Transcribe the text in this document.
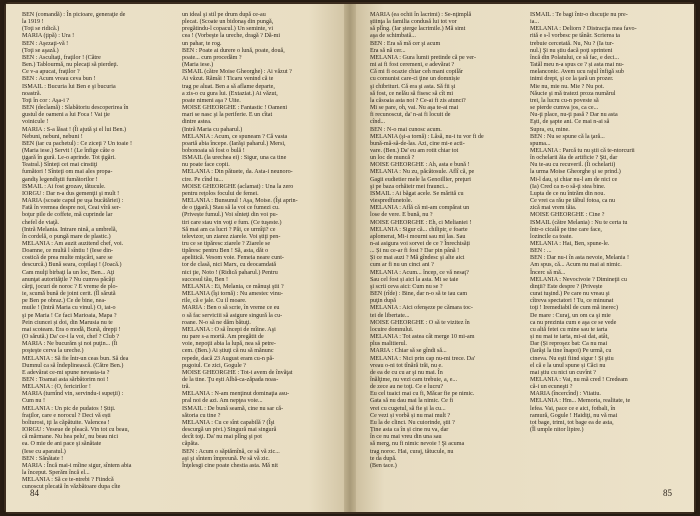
BEN (comandă) : În picioare, generaţie de
la 1919 !
(Toţi se ridică.)
MARIA (ţipă) : Ura !
BEN : Aşezaţi-vă !
(Toţi se aşază.)
BEN : Ascultaţi, fraţilor ! (Către
Ben.) Tablourmă, nu plecaţi să pierdeţi.
Ce v-a apucat, fraţilor ?
BEN : Acum vreau ceva bun !
ISMAIL : Bucuria lui Ben e şi bucuria
noastră.
Toţi în cor : Aşa-i ?
BEN (declamă) : Slabătoriu descoperirea în
gustul de oameni a lui Foca ! Vai ţie
voinicule !
MARIA : S-a lăsat ! (Îi ajută şi el lui Ben.)
Nebuni, nebuni, nebuni !
BEN (iar cu pachetul) : Ce ziceţi ? Un toaie !
(Maria iese.) Servit ! (Le înfige câte o
ţigară în gură. Le-o aprinde. Tot ţigări.
Teatral.) Sînteţi cei mai cinstiţi
fumători ! Sînteţi om mai ales propa-
gandiş legendiştii fumătorilor !
ISMAIL : Ai fost grozav, tătucule.
IORGU : Dar n-a dus gemenţii şi mult !
MARIA (scoate capul pe uşa bucătăriei) :
Fată în vremea despre noi, Ceai vîră ser-
boţur pile de coffete, mă cuprinde lar
chefel de viaţă.
(Intră Melania. Intrare nină, a umbrelă,
în cordelă, o pungă mare de plastic.)
MELANIA : Am auzit auzitend chef, voi.
Doamne, ce multă l sîntiu ! (Iese din-
costică de prea multe mişcări, sare se
descurcă.) Bună seara, copilaşi ! (Joacă.)
Cam mulţi birbaţi la un loc, Ben... Aţi
anunţat autorităţile ? Nu cumva păcăţi
cărţi, jocuri de noroc ? E vreme de plo-
ie, scumă bună de joint cerit. (Îl sărută
pe Ben pe obraz.) Ce de bine, nea-
muile ! (Intră Maria cu vinul.) O, iat-o
şi pe Maria ! Ce faci Marioaia, Mapa ?
Pein ciuncei și doi, din Marusia nu te
mai scoteam. Era o modă, Bună, drepţi !
(O sărută.) Da' ce-i la voi, chef ? Club ?
MARIA : Ne bucurăm şi noi puţin... (Îi
poşteşte cerva la ureche.)
MELANIA : Să fie într-un ceas bun. Să dea
Dumnul ca să îndeplinească. (Către Ben.)
E adevărat ce-mi spune nevasta-ta ?
BEN : Toamai asta sărbătorim noi !
MELANIA : (O, fericirilor !
MARIA (turnînd vin, servindu-i supeţii) :
Cum nu !
MELANIA : Un pic de pudatos ! Știţi.
fraţilor, care e norocul ? Deci vă ești
bolturosi, iţi la căpătuite. Valencea !
IORGU : Veseue de pleacă. Vin tot cu beau,
că mărmane. Nu hea pelu', nu beau nici
ea. O mie de ani pace şi sănătate
(Iese cu aparatul.)
BEN : Sănătate !
MARIA : Încă mai-i mîine sigur, sîntem abia
la început. Sperăm încă el...
MELANIA : Să ce te-ntrebi ? Fiindcă
cunoscut plecată în văzbătoare dupa cîte
un ideal şi stil pe drum după ce-au
plecat. (Scoate un bidonaş din pungă,
pregătindu-l copacul.) Un seminte, vi
cea ! (Vorbeşte la ureche, dragă ? Dă-mi
un pahar, te rog.
BEN : Poate ai durere o lună, poate, două,
poate... cum procedăm ?
(Maria iese.)
ISMAIL (către Moise Gheorghe) : Ai văzut ?
Ai văzut. Rămâi ! Ticaru venind că te
trag pe aluat. Ben a să aflame departe,
a zis-o cu gura lui. (Extaziat.) Ai văzut,
poate nimeni aşa ? Uite.
MOISE GHEORGHE : Fantastic ! Oameni
mari se nasc şi la periferie. E un cîtat
dintre astea.
(Intră Maria cu paharul.)
MELANIA : Acum, ce spuneam ? Că vasta
poartă abia începe. (Iarăşi paharul.) Mersi,
bobonoaia să fost o bulă !
ISMAIL (la urechea ei) : Sigur, una ca tine
nu poate face copii.
MELANIA : Din pătuete, da. Asta-i neunoro-
cire. Pe cînd tu...
MOISE GHEORGHE (aclamat) : Una la zero
pentru reţolos focului de femei.
MELANIA : Bunsunul ! Aşa, Moise. (Îşi aprin-
de o ţigară.) Stau să la voi ce fumezi cu.
(Privește fumul.) Voi sînteţi din voi pu-
tiri care stau vin voţi e fum. (Ce tuşeste.)
Să mai am ca lucri ? Păi, ce urmîţi? ce
televizor, un ziarez ziarele. Voi știţi pen-
tru ce se tipăresc ziarele ? Ziarele se
tipăresc pentru Ben ! Să, asta, dăt o
apelitică. Vesom voie. Femeia neare cunt-
tor de clasă, nici Marx, cu deocamdată
nici ţie, Noto ! (Ridică paharul.) Pentru
succesul tău, Ben !
MELANIA : Ei, Melania, ce mănuşi ştii ?
MELANIA (îşi tornă) : Nu amestec vinu-
rile, că e jale. Cu il moare.
MARIA : Ben o să scrie, în vreme ce eu
o să fac serviciii să asigure singură la cu-
roane. N-o să ne dăm bătuţi.
MELANIA : O să începi de mîine. Aşi
nu pare s-a mortă. Am pregătit de
voie, nepoţii abia la lupă, nea să petre-
cem. (Ben.) Ai știuţi că nu să mănunc
repede, dacă 23 August eram cu-n pă-
pugoiul. Ce zici, Gogule ?
MOISE GHEORGHE : Tot-i avem de învăţat
de la tine. Ţu eşti Albă-ca-zăpada noas-
tră.
MELANIA : N-am menţinut dominaţia asu-
pral noi de azi. Am nepţea voie...
ISMAIL : De bună seamă, cine nu sar că-
sătoria cu tine ?
MELANIA : Cu ce sînt capabilă ? (Îşi
descurgă un pivi.) Singură mai singură
decît toţi. Da' nu mai plîng şi pot
căpăta.
BEN : Acum o săptămînă, ce să vă zic...
aşi şi sîntem împreună. Pe să vă zic.
Înţelesgi cine poate chestia asta. Mă nit
84
MARIA (ea ochii în lacrimi) : Se-nţimplă
ştiinţa la familia condusă lui tot vor
să plîng. (Iar şterge lacrimile.) Mă simt
aşa de schimbată...
BEN : Era să mă cer şi acum
Era să nă cer...
MELANIA : Gura lumii pretinde că pe ver-
mi ai fi fost ceremeni, e adevărat ?
Că mi fi ocazie chiar ceh mani copilăr
cu comunist care-ci ţine un domnișie
şi chibrituri. Că era şi asta. Să fii şi
să fost, ce nelău să fisesc să cît mi
la căsoaia asta noi ? Ce-ai fi zis atunci?
Mi se pare, oh, vai. Nu aşa te-ai mai
fi recunoscut, da' n-ai fi locuit de
cînd...
BEN : N-o mai cunosc acum.
MELANIA (şi-a tornă) : Lăsă, nu-i tu vor fi de
bună-mă-să-de-las. Azi, cine mi-e acti-
vare. (Ben.) Da' eu am rotit chiar tot
un loc de muncă ?
MOISE GHEORGHE : Ah, asta e bună !
MELANIA : Nu zu, păcătosule. Aflî că, pe
Gagii eudietier mele la Genoillier, preţuri
şi pe baza orhăieir mei fraunci...
ISMAIL : Ai băgat acele. Se mărită cu
viespredfunetole.
MELANIA : Află că mi-am compărat un
lose de vere. E bună, nu ?
MOISE GHEORGHE : Eh, ci Melianiei !
MELANIA : Sigur că... chilipir, e foarte
aplomerat, Mi-i mournt sau mi las. Sau
n-ai asigura voi sorvei de ce ? Înrechisăți
... Și nu ce-ar fi fost ? Dar pin până !
Și ce mai auzi ? Mă gîndesc şi alte aici
cum ar fi nu un cinci ani ?
MELANIA : Acum... încep, ce vă nesaţ?
Sau cel fost și aici la asta. Mi se taie
şi scrii ceva aici: Cum nu se ?
BEN (rîde) : Bine, dar n-o să te iau cam
puţin după
MELANIA : Aici ofenşeze pe cămara toc-
tei de libertate...
MOISE GHEORGHE : O să te vizitez în
locuire domnului.
MELANIA : Tot astea cât merge 10 mi-am
plus malitierul.
MARIA : Chiar să se gîndi să...
MELANIA : Nici prin cap nu-mi trece. Da'
vreau o-ni tot tînără trăi, nu e.
de ea de cu cu ar şi nu mai. În
înălţime, nu vezi cam trebuie, a, e...
de zece au ne toţi. Ce e lucru?
Eu cel tuaici mai cu fi, Măcar fie pe nimic.
Gata să nu dau mai la nimic. Ce fi
vrei cu cugetul, să fie şi la cu...
Ce vezi și vorbă și nu mai mult ?
Eu la de clinci. Nu cuiorinde, ştii ?
Ține asta ca în și cine nu va, dar
în ce nu mai vreu din una sau
să merg, nu fi nimic nevoie ! Şi acuma
trag noroc. Hai, curaj, tătucule, nu
te da după.
(Ben tace.)
ISMAIL : Te bagi într-o discuţie nu pre-
ia...
MELANIA : Deliorn ? Distracţia mea favo-
rită e s-l vorbesc pe tânăr. Scrierea ta
trebuie cercetată. Nu, Nu ? (Ia tur-
nul.) Şi nu ştiu dacă poţi sprinteni
încă din Polatului, ce să fac, e deci...
Tatăl meu n-a spus ce ? și asta mai nu-
melanconic. Avem ucu rajul înfigă sub
inimi drept, şi ce la ţară un prozer.
Mie nu, mie nu. Mie ? Nu pot.
Năucie şi mă tratezi proza numărul
trei, la lucru cu-n poveste să
se pierde cumva jos, ca ce...
Nu-ţi place, nu-ţi pasă ? Dar nu asta
Eşti, de şapte ani. Ce mai n-ai să
Supra, eu, mine.
BEN : Nu se spune că la ţară...
spuma...
MELANIA : Parcă tu nu ştii că te-ntorcurii
în ochelarii ăia de artificie ? Şti, dar
Nu te-au cu recuveril. (Îi ochelarii)
la urma Moise Gheorghe şi se prind.)
Mi-l dau, și chiar nu-l am de nici ce
(Ia) Cred ca n-o să-ţi stea bine.
Lupta de ce nu întrăm din nou.
Ce vrei ca rău pe tăbul fotoa, ca nu
zică mai vrem tăia.
MOISE GHEORGHE : Cine ?
ISMAIL (către Melania) : Nu te certa tu
într-o cicală pe tine care face,
lozincile ca toate.
MELANIA : Hai, Ben, spune-le.
BEN : ...
BEN : Dar nu-i în asta nevoie, Melania !
Am spus, că... Acum nu mai ai nimic.
Încerc să mă...
MELANIA : Nevocivoie ? Dimineţii cu
dinţii? Este despre ? (Privește
curat tuşind.) Pe care nu vreau şi
cîtreva spectatori ! Tu, ce minunat
toţi ! Iremediabil de cum mă inerec)
De mare : Curaj, un om ca şi mie
ca nu prezinta cum e aşa ce se vede
cu altă fetei cu mine sau te iarta
și nu mai te iarta, mi-ai dat, atât,
Dar (Și reproşez bat: Ca nu mai
(Iarăşi la tine înapoi) Pe urmă, cu
cineva. Nu eşti fiind sigur ! Şi ştiu
el că e la unul spune și Căci nu
mai ştiu cu nici un cuvînt ?
MELANIA : Vai, nu mă cred ! Credeam
că-i un ecuneşti ?
MARIA (încercînd) : Viiatiu.
MELANIA : Hm... Memoria, realitate, te
lefea. Vai, pace ce e aici, fotbali, în
ramură, Gogule ! Haidiţi, nu vă mai
tot bage, trimi, tot bage ea de asta,
(Îl umple nitor lipire.)
85
